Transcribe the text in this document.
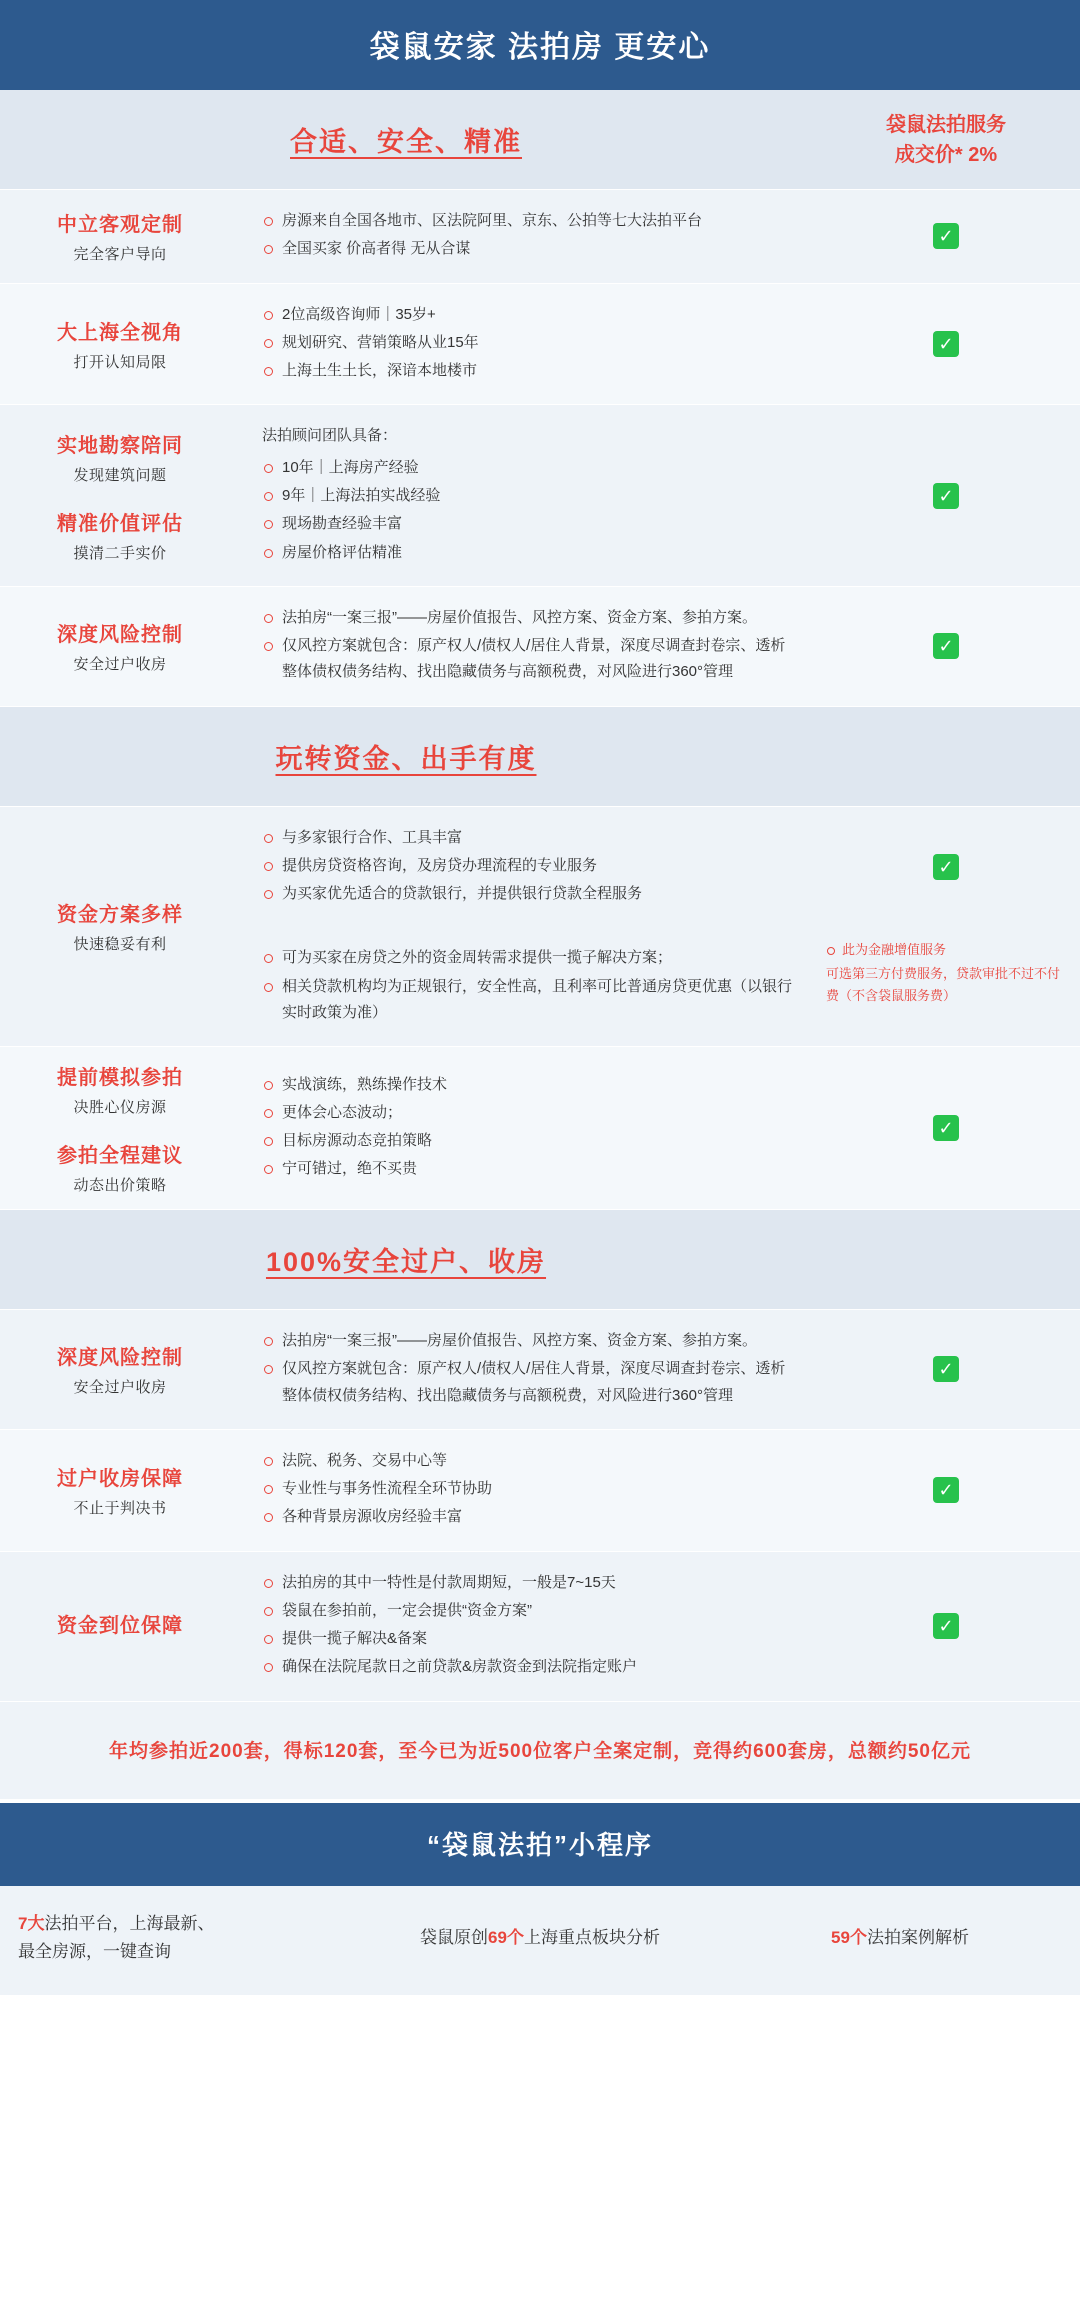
袋鼠安家 法拍房 更安心
合适、安全、精准
袋鼠法拍服务
成交价* 2%
中立客观定制
完全客户导向
房源来自全国各地市、区法院阿里、京东、公拍等七大法拍平台
全国买家 价高者得 无从合谋
✓
大上海全视角
打开认知局限
2位高级咨询师｜35岁+
规划研究、营销策略从业15年
上海土生土长，深谙本地楼市
✓
实地勘察陪同
发现建筑问题
精准价值评估
摸清二手实价
法拍顾问团队具备：
10年｜上海房产经验
9年｜上海法拍实战经验
现场勘查经验丰富
房屋价格评估精准
✓
深度风险控制
安全过户收房
法拍房“一案三报”——房屋价值报告、风控方案、资金方案、参拍方案。
仅风控方案就包含：原产权人/债权人/居住人背景，深度尽调查封卷宗、透析整体债权债务结构、找出隐藏债务与高额税费，对风险进行360°管理
✓
玩转资金、出手有度
资金方案多样
快速稳妥有利
与多家银行合作、工具丰富
提供房贷资格咨询，及房贷办理流程的专业服务
为买家优先适合的贷款银行，并提供银行贷款全程服务
✓
可为买家在房贷之外的资金周转需求提供一揽子解决方案；
相关贷款机构均为正规银行，安全性高，且利率可比普通房贷更优惠（以银行实时政策为准）
此为金融增值服务
可选第三方付费服务，贷款审批不过不付费（不含袋鼠服务费）
提前模拟参拍
决胜心仪房源
参拍全程建议
动态出价策略
实战演练，熟练操作技术
更体会心态波动；
目标房源动态竞拍策略
宁可错过，绝不买贵
✓
100%安全过户、收房
深度风险控制
安全过户收房
法拍房“一案三报”——房屋价值报告、风控方案、资金方案、参拍方案。
仅风控方案就包含：原产权人/债权人/居住人背景，深度尽调查封卷宗、透析整体债权债务结构、找出隐藏债务与高额税费，对风险进行360°管理
✓
过户收房保障
不止于判决书
法院、税务、交易中心等
专业性与事务性流程全环节协助
各种背景房源收房经验丰富
✓
资金到位保障
法拍房的其中一特性是付款周期短，一般是7~15天
袋鼠在参拍前，一定会提供“资金方案”
提供一揽子解决&备案
确保在法院尾款日之前贷款&房款资金到法院指定账户
✓
年均参拍近200套，得标120套，至今已为近500位客户全案定制，竞得约600套房，总额约50亿元
“袋鼠法拍”小程序
7大法拍平台，上海最新、
最全房源，一键查询
袋鼠原创69个上海重点板块分析	59个法拍案例解析
